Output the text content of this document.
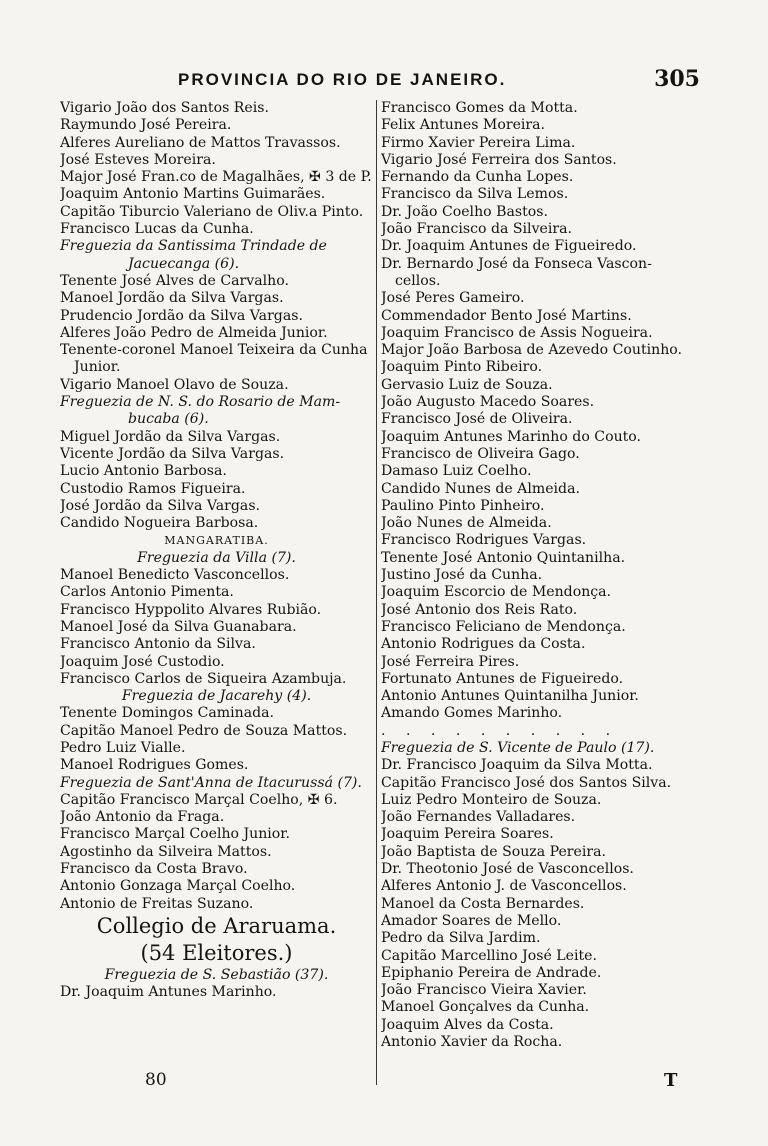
PROVINCIA DO RIO DE JANEIRO.	305
Vigario João dos Santos Reis.
Raymundo José Pereira.
Alferes Aureliano de Mattos Travassos.
José Esteves Moreira.
Major José Fran.co de Magalhães, ✠ 3 de P.
Joaquim Antonio Martins Guimarães.
Capitão Tiburcio Valeriano de Oliv.a Pinto.
Francisco Lucas da Cunha.
Freguezia da Santissima Trindade de
Jacuecanga (6).
Tenente José Alves de Carvalho.
Manoel Jordão da Silva Vargas.
Prudencio Jordão da Silva Vargas.
Alferes João Pedro de Almeida Junior.
Tenente-coronel Manoel Teixeira da Cunha
Junior.
Vigario Manoel Olavo de Souza.
Freguezia de N. S. do Rosario de Mam-
bucaba (6).
Miguel Jordão da Silva Vargas.
Vicente Jordão da Silva Vargas.
Lucio Antonio Barbosa.
Custodio Ramos Figueira.
José Jordão da Silva Vargas.
Candido Nogueira Barbosa.
MANGARATIBA.
Freguezia da Villa (7).
Manoel Benedicto Vasconcellos.
Carlos Antonio Pimenta.
Francisco Hyppolito Alvares Rubião.
Manoel José da Silva Guanabara.
Francisco Antonio da Silva.
Joaquim José Custodio.
Francisco Carlos de Siqueira Azambuja.
Freguezia de Jacarehy (4).
Tenente Domingos Caminada.
Capitão Manoel Pedro de Souza Mattos.
Pedro Luiz Vialle.
Manoel Rodrigues Gomes.
Freguezia de Sant'Anna de Itacurussá (7).
Capitão Francisco Marçal Coelho, ✠ 6.
João Antonio da Fraga.
Francisco Marçal Coelho Junior.
Agostinho da Silveira Mattos.
Francisco da Costa Bravo.
Antonio Gonzaga Marçal Coelho.
Antonio de Freitas Suzano.
Collegio de Araruama.
(54 Eleitores.)
Freguezia de S. Sebastião (37).
Dr. Joaquim Antunes Marinho.
Francisco Gomes da Motta.
Felix Antunes Moreira.
Firmo Xavier Pereira Lima.
Vigario José Ferreira dos Santos.
Fernando da Cunha Lopes.
Francisco da Silva Lemos.
Dr. João Coelho Bastos.
João Francisco da Silveira.
Dr. Joaquim Antunes de Figueiredo.
Dr. Bernardo José da Fonseca Vascon-
cellos.
José Peres Gameiro.
Commendador Bento José Martins.
Joaquim Francisco de Assis Nogueira.
Major João Barbosa de Azevedo Coutinho.
Joaquim Pinto Ribeiro.
Gervasio Luiz de Souza.
João Augusto Macedo Soares.
Francisco José de Oliveira.
Joaquim Antunes Marinho do Couto.
Francisco de Oliveira Gago.
Damaso Luiz Coelho.
Candido Nunes de Almeida.
Paulino Pinto Pinheiro.
João Nunes de Almeida.
Francisco Rodrigues Vargas.
Tenente José Antonio Quintanilha.
Justino José da Cunha.
Joaquim Escorcio de Mendonça.
José Antonio dos Reis Rato.
Francisco Feliciano de Mendonça.
Antonio Rodrigues da Costa.
José Ferreira Pires.
Fortunato Antunes de Figueiredo.
Antonio Antunes Quintanilha Junior.
Amando Gomes Marinho.
. . . . . . . . . .
Freguezia de S. Vicente de Paulo (17).
Dr. Francisco Joaquim da Silva Motta.
Capitão Francisco José dos Santos Silva.
Luiz Pedro Monteiro de Souza.
João Fernandes Valladares.
Joaquim Pereira Soares.
João Baptista de Souza Pereira.
Dr. Theotonio José de Vasconcellos.
Alferes Antonio J. de Vasconcellos.
Manoel da Costa Bernardes.
Amador Soares de Mello.
Pedro da Silva Jardim.
Capitão Marcellino José Leite.
Epiphanio Pereira de Andrade.
João Francisco Vieira Xavier.
Manoel Gonçalves da Cunha.
Joaquim Alves da Costa.
Antonio Xavier da Rocha.
80	T
